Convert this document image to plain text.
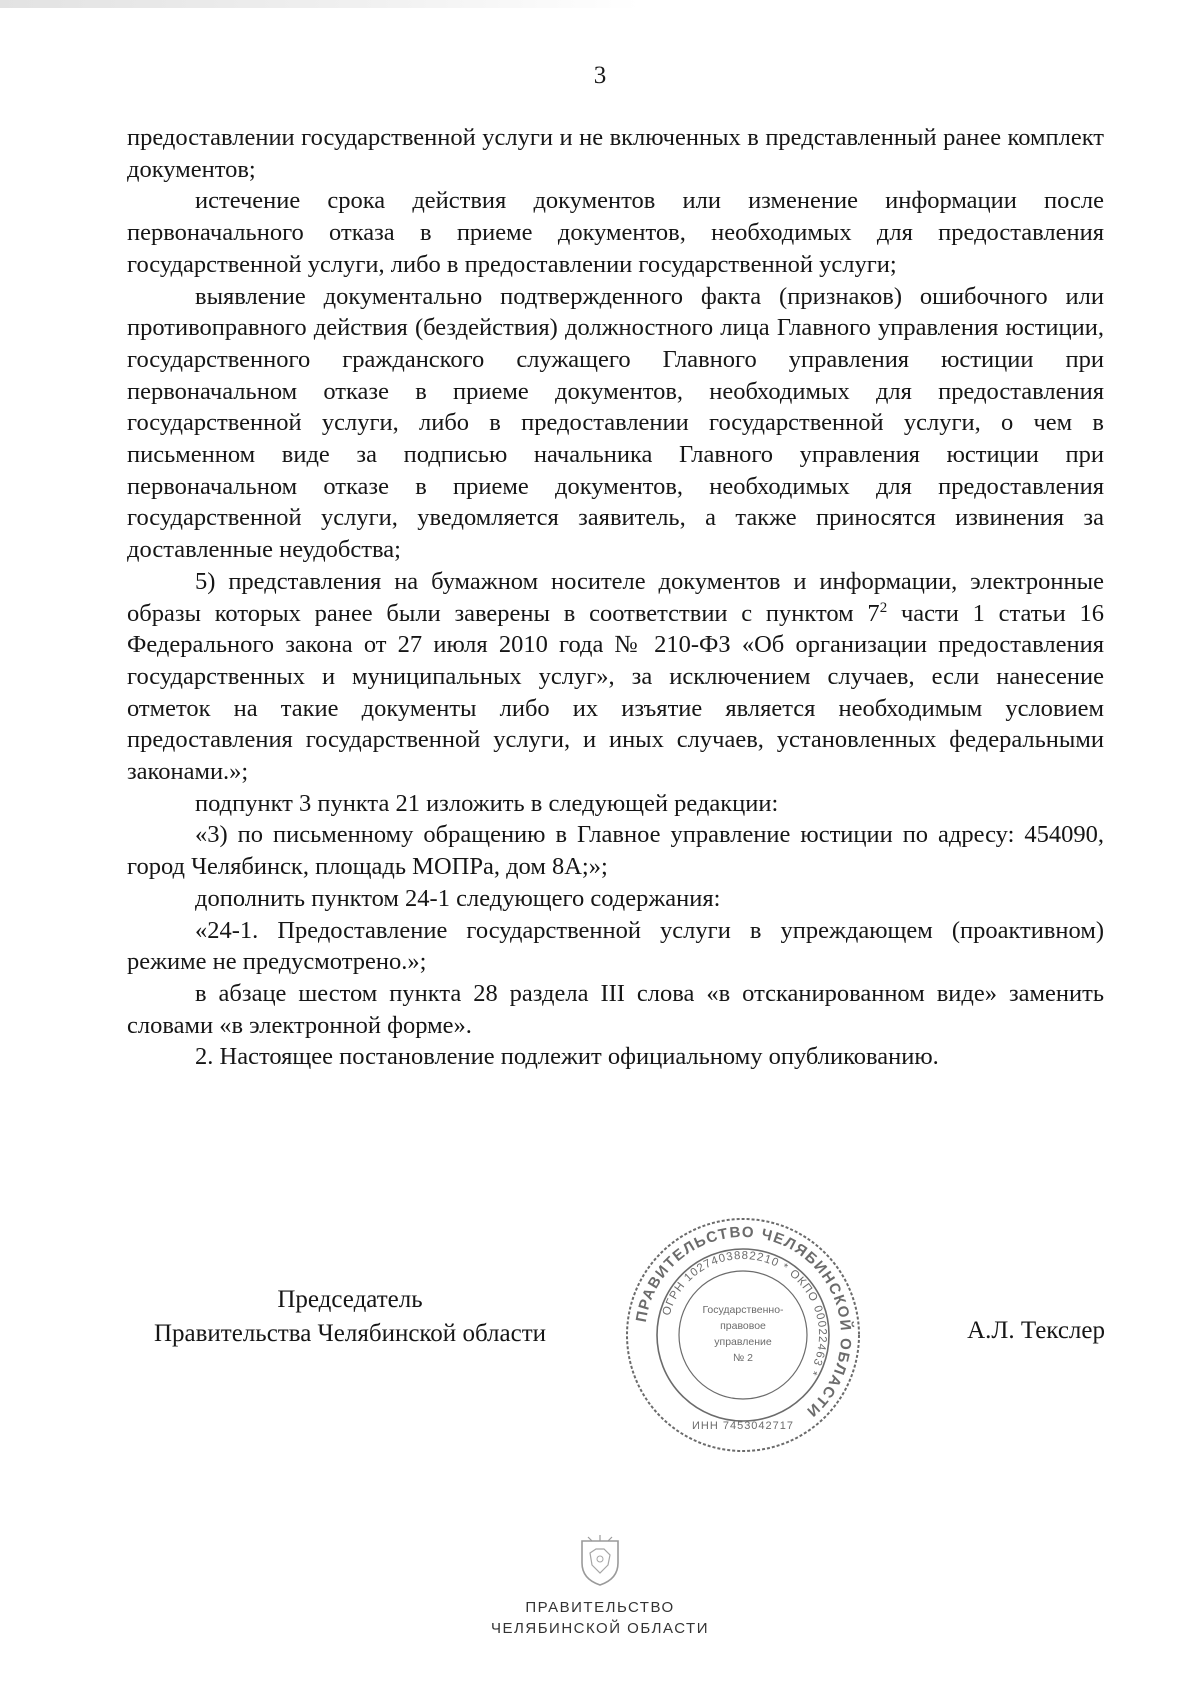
3

предоставлении государственной услуги и не включенных в представленный ранее комплект документов;

истечение срока действия документов или изменение информации после первоначального отказа в приеме документов, необходимых для предоставления государственной услуги, либо в предоставлении государственной услуги;

выявление документально подтвержденного факта (признаков) ошибочного или противоправного действия (бездействия) должностного лица Главного управления юстиции, государственного гражданского служащего Главного управления юстиции при первоначальном отказе в приеме документов, необходимых для предоставления государственной услуги, либо в предоставлении государственной услуги, о чем в письменном виде за подписью начальника Главного управления юстиции при первоначальном отказе в приеме документов, необходимых для предоставления государственной услуги, уведомляется заявитель, а также приносятся извинения за доставленные неудобства;

5) представления на бумажном носителе документов и информации, электронные образы которых ранее были заверены в соответствии с пунктом $7^2$ части 1 статьи 16 Федерального закона от 27 июля 2010 года № 210-ФЗ «Об организации предоставления государственных и муниципальных услуг», за исключением случаев, если нанесение отметок на такие документы либо их изъятие является необходимым условием предоставления государственной услуги, и иных случаев, установленных федеральными законами.»;

подпункт 3 пункта 21 изложить в следующей редакции:

«3) по письменному обращению в Главное управление юстиции по адресу: 454090, город Челябинск, площадь МОПРа, дом 8А;»;

дополнить пунктом 24-1 следующего содержания:

«24-1. Предоставление государственной услуги в упреждающем (проактивном) режиме не предусмотрено.»;

в абзаце шестом пункта 28 раздела III слова «в отсканированном виде» заменить словами «в электронной форме».

2. Настоящее постановление подлежит официальному опубликованию.

Председатель
Правительства Челябинской области	А.Л. Текслер
ПРАВИТЕЛЬСТВО ЧЕЛЯБИНСКОЙ ОБЛАСТИ
ОГРН 1027403882210 * ОКПО 00022463 *
ИНН 7453042717
Государственно-
правовое
управление
№ 2
ПРАВИТЕЛЬСТВО
ЧЕЛЯБИНСКОЙ ОБЛАСТИ
